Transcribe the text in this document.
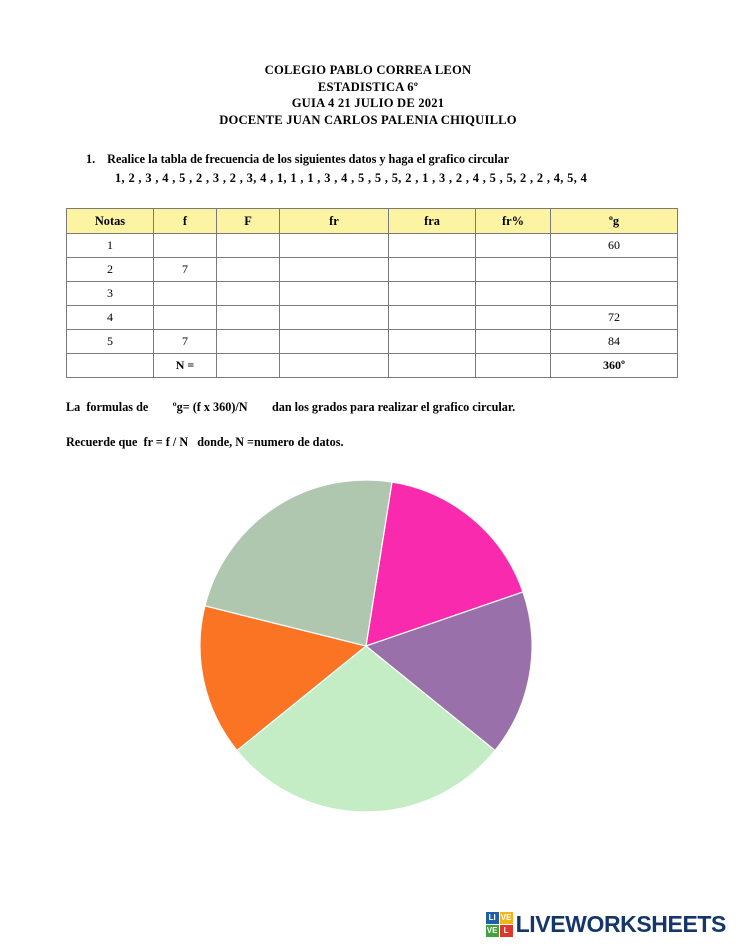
COLEGIO PABLO CORREA LEON
ESTADISTICA 6º
GUIA 4 21 JULIO DE 2021
DOCENTE JUAN CARLOS PALENIA CHIQUILLO
1. Realice la tabla de frecuencia de los siguientes datos y haga el grafico circular
1, 2 , 3 , 4 , 5 , 2 , 3 , 2 , 3, 4 , 1, 1 , 1 , 3 , 4 , 5 , 5 , 5, 2 , 1 , 3 , 2 , 4 , 5 , 5, 2 , 2 , 4, 5, 4
Notas	f	F	fr	fra	fr%	ºg
1						60
2	7					
3						
4						72
5	7					84
	N =					360º
La  formulas de        ºg= (f x 360)/N        dan los grados para realizar el grafico circular.
Recuerde que  fr = f / N   donde, N =numero de datos.
LI VE
VE L LIVEWORKSHEETS
